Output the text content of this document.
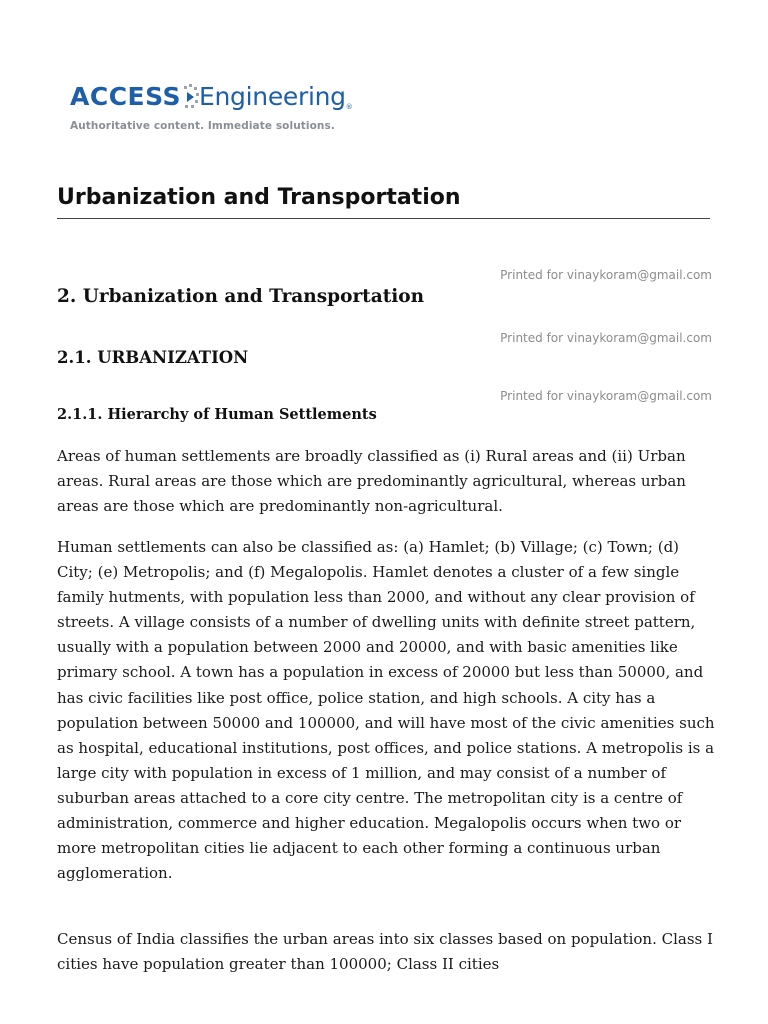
ACCESS Engineering®
Authoritative content. Immediate solutions.
Urbanization and Transportation
Printed for vinaykoram@gmail.com
2. Urbanization and Transportation
Printed for vinaykoram@gmail.com
2.1. URBANIZATION
Printed for vinaykoram@gmail.com
2.1.1. Hierarchy of Human Settlements

Areas of human settlements are broadly classified as (i) Rural areas and (ii) Urban areas. Rural areas are those which are predominantly agricultural, whereas urban areas are those which are predominantly non-agricultural.

Human settlements can also be classified as: (a) Hamlet; (b) Village; (c) Town; (d) City; (e) Metropolis; and (f) Megalopolis. Hamlet denotes a cluster of a few single family hutments, with population less than 2000, and without any clear provision of streets. A village consists of a number of dwelling units with definite street pattern, usually with a population between 2000 and 20000, and with basic amenities like primary school. A town has a population in excess of 20000 but less than 50000, and has civic facilities like post office, police station, and high schools. A city has a population between 50000 and 100000, and will have most of the civic amenities such as hospital, educational institutions, post offices, and police stations. A metropolis is a large city with population in excess of 1 million, and may consist of a number of suburban areas attached to a core city centre. The metropolitan city is a centre of administration, commerce and higher education. Megalopolis occurs when two or more metropolitan cities lie adjacent to each other forming a continuous urban agglomeration.

Census of India classifies the urban areas into six classes based on population. Class I cities have population greater than 100000; Class II cities
